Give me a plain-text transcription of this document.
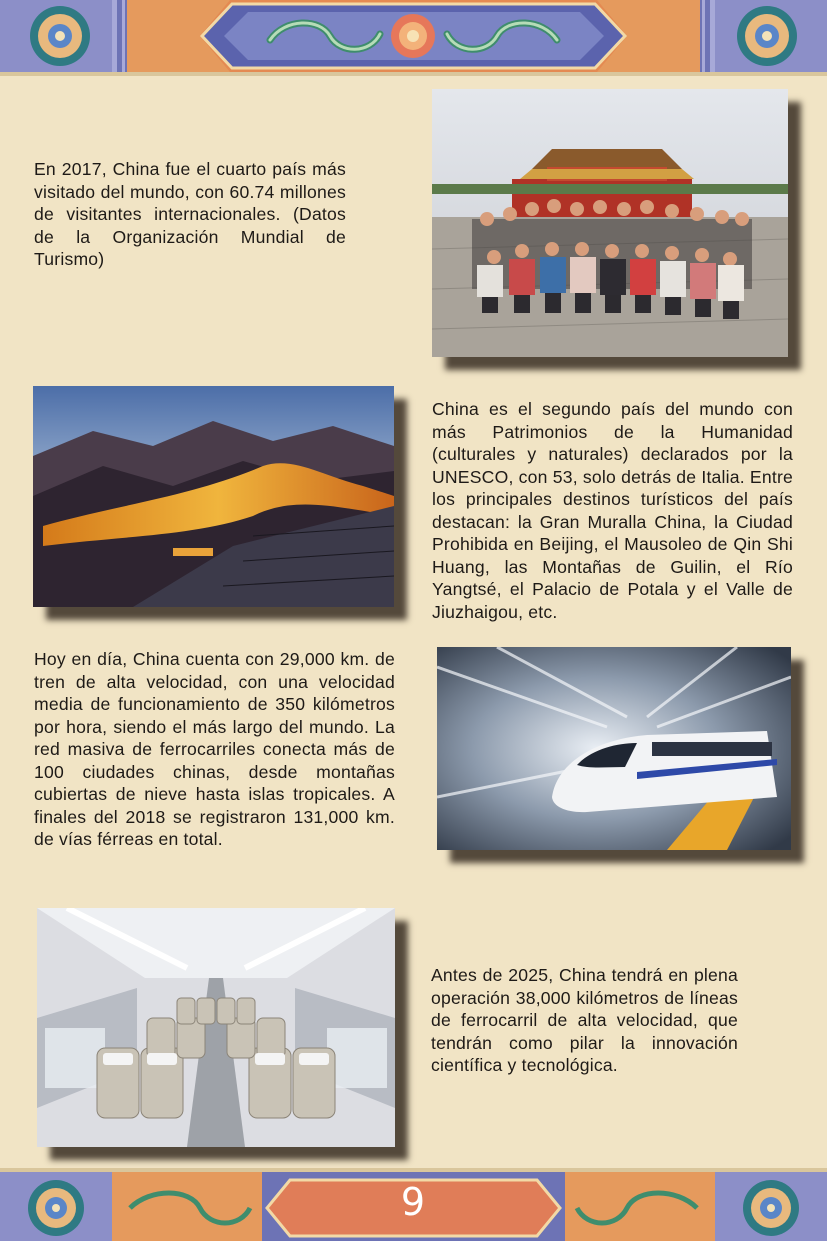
En 2017, China fue el cuarto país más visitado del mundo, con 60.74 millones de visitantes internacionales. (Datos de la Organización Mundial de Turismo)

China es el segundo país del mundo con más Patrimonios de la Humanidad (culturales y naturales) declarados por la UNESCO, con 53, solo detrás de Italia. Entre los principales destinos turísticos del país destacan: la Gran Muralla China, la Ciudad Prohibida en Beijing, el Mausoleo de Qin Shi Huang, las Montañas de Guilin, el Río Yangtsé, el Palacio de Potala y el Valle de Jiuzhaigou, etc.

Hoy en día, China cuenta con 29,000 km. de tren de alta velocidad, con una velocidad media de funcionamiento de 350 kilómetros por hora, siendo el más largo del mundo. La red masiva de ferrocarriles conecta más de 100 ciudades chinas, desde montañas cubiertas de nieve hasta islas tropicales. A finales del 2018 se registraron 131,000 km. de vías férreas en total.

Antes de 2025, China tendrá en plena operación 38,000 kilómetros de líneas de ferrocarril de alta velocidad, que tendrán como pilar la innovación científica y tecnológica.

9
